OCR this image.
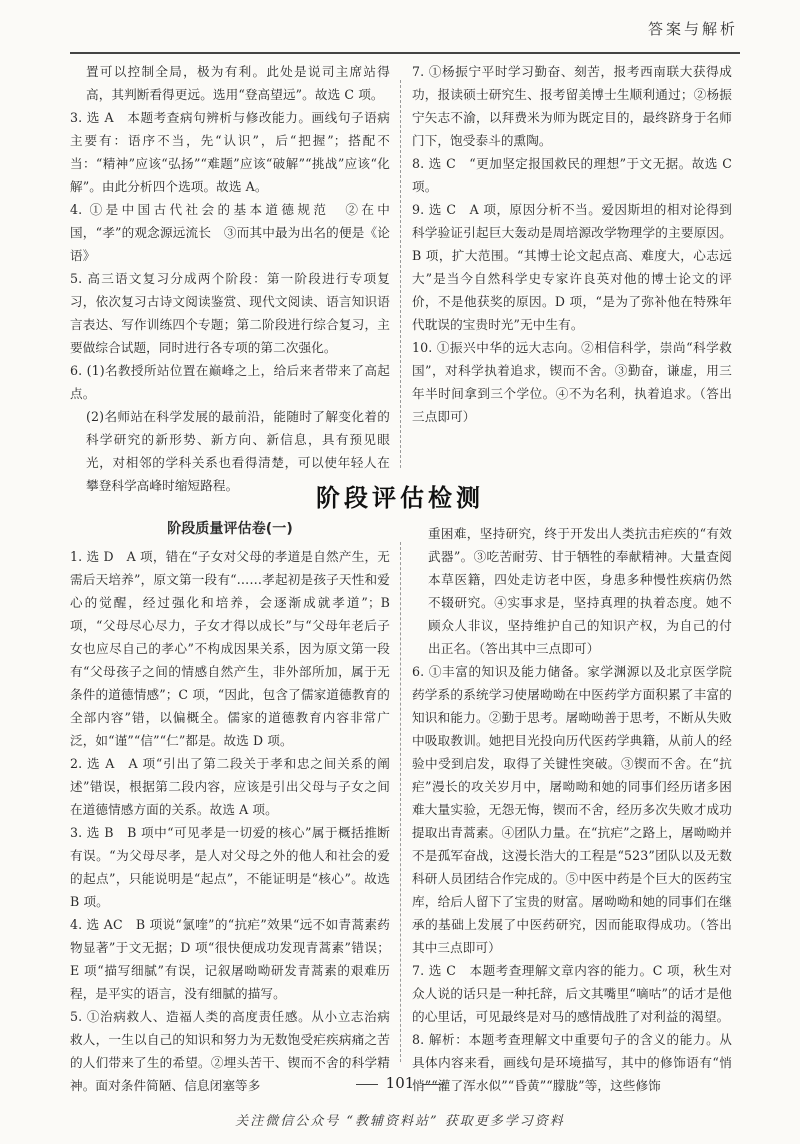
答案与解析

置可以控制全局，极为有利。此处是说司主席站得高，其判断看得更远。选用“登高望远”。故选 C 项。

3. 选 A　本题考查病句辨析与修改能力。画线句子语病主要有：语序不当，先“认识”，后“把握”；搭配不当：“精神”应该“弘扬”“难题”应该“破解”“挑战”应该“化解”。由此分析四个选项。故选 A。

4. ①是中国古代社会的基本道德规范　②在中国，“孝”的观念源远流长　③而其中最为出名的便是《论语》

5. 高三语文复习分成两个阶段：第一阶段进行专项复习，依次复习古诗文阅读鉴赏、现代文阅读、语言知识语言表达、写作训练四个专题；第二阶段进行综合复习，主要做综合试题，同时进行各专项的第二次强化。

6. (1)名教授所站位置在巅峰之上，给后来者带来了高起点。

(2)名师站在科学发展的最前沿，能随时了解变化着的科学研究的新形势、新方向、新信息，具有预见眼光，对相邻的学科关系也看得清楚，可以使年轻人在攀登科学高峰时缩短路程。

7. ①杨振宁平时学习勤奋、刻苦，报考西南联大获得成功，报读硕士研究生、报考留美博士生顺利通过；②杨振宁矢志不渝，以拜费米为师为既定目的，最终跻身于名师门下，饱受泰斗的熏陶。

8. 选 C　“更加坚定报国救民的理想”于文无据。故选 C 项。

9. 选 C　A 项，原因分析不当。爱因斯坦的相对论得到科学验证引起巨大轰动是周培源改学物理学的主要原因。B 项，扩大范围。“其博士论文起点高、难度大，心志远大”是当今自然科学史专家许良英对他的博士论文的评价，不是他获奖的原因。D 项，“是为了弥补他在特殊年代耽误的宝贵时光”无中生有。

10. ①振兴中华的远大志向。②相信科学，崇尚“科学救国”，对科学执着追求，锲而不舍。③勤奋，谦虚，用三年半时间拿到三个学位。④不为名利，执着追求。（答出三点即可）

阶段评估检测
阶段质量评估卷(一)

1. 选 D　A 项，错在“子女对父母的孝道是自然产生，无需后天培养”，原文第一段有“……孝起初是孩子天性和爱心的觉醒，经过强化和培养，会逐渐成就孝道”；B 项，“父母尽心尽力，子女才得以成长”与“父母年老后子女也应尽自己的孝心”不构成因果关系，因为原文第一段有“父母孩子之间的情感自然产生，非外部所加，属于无条件的道德情感”；C 项，“因此，包含了儒家道德教育的全部内容”错，以偏概全。儒家的道德教育内容非常广泛，如“谨”“信”“仁”都是。故选 D 项。

2. 选 A　A 项“引出了第二段关于孝和忠之间关系的阐述”错误，根据第二段内容，应该是引出父母与子女之间在道德情感方面的关系。故选 A 项。

3. 选 B　B 项中“可见孝是一切爱的核心”属于概括推断有误。“为父母尽孝，是人对父母之外的他人和社会的爱的起点”，只能说明是“起点”，不能证明是“核心”。故选 B 项。

4. 选 AC　B 项说“氯喹”的“抗疟”效果“远不如青蒿素药物显著”于文无据；D 项“很快便成功发现青蒿素”错误；E 项“描写细腻”有误，记叙屠呦呦研发青蒿素的艰难历程，是平实的语言，没有细腻的描写。

5. ①治病救人、造福人类的高度责任感。从小立志治病救人，一生以自己的知识和努力为无数饱受疟疾病痛之苦的人们带来了生的希望。②埋头苦干、锲而不舍的科学精神。面对条件简陋、信息闭塞等多

重困难，坚持研究，终于开发出人类抗击疟疾的“有效武器”。③吃苦耐劳、甘于牺牲的奉献精神。大量查阅本草医籍，四处走访老中医，身患多种慢性疾病仍然不辍研究。④实事求是，坚持真理的执着态度。她不顾众人非议，坚持维护自己的知识产权，为自己的付出正名。（答出其中三点即可）

6. ①丰富的知识及能力储备。家学渊源以及北京医学院药学系的系统学习使屠呦呦在中医药学方面积累了丰富的知识和能力。②勤于思考。屠呦呦善于思考，不断从失败中吸取教训。她把目光投向历代医药学典籍，从前人的经验中受到启发，取得了关键性突破。③锲而不舍。在“抗疟”漫长的攻关岁月中，屠呦呦和她的同事们经历诸多困难大量实验，无怨无悔，锲而不舍，经历多次失败才成功提取出青蒿素。④团队力量。在“抗疟”之路上，屠呦呦并不是孤军奋战，这漫长浩大的工程是“523”团队以及无数科研人员团结合作完成的。⑤中医中药是个巨大的医药宝库，给后人留下了宝贵的财富。屠呦呦和她的同事们在继承的基础上发展了中医药研究，因而能取得成功。（答出其中三点即可）

7. 选 C　本题考查理解文章内容的能力。C 项，秋生对众人说的话只是一种托辞，后文其嘴里“嘀咕”的话才是他的心里话，可见最终是对马的感情战胜了对利益的渴望。

8. 解析：本题考查理解文中重要句子的含义的能力。从具体内容来看，画线句是环境描写，其中的修饰语有“悄悄”“灌了浑水似”“昏黄”“朦胧”等，这些修饰

101
关注微信公众号 “教辅资料站” 获取更多学习资料
